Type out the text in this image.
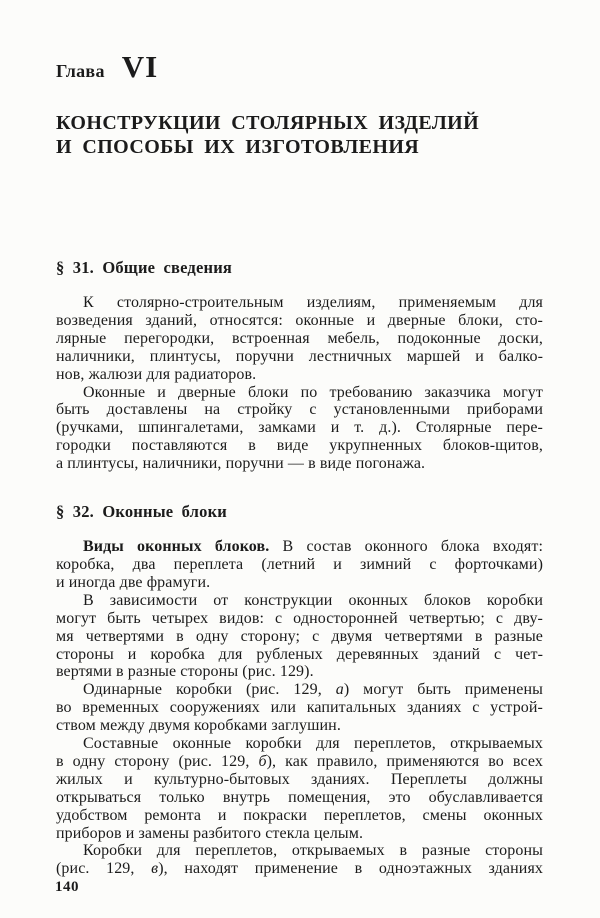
Глава VI
КОНСТРУКЦИИ СТОЛЯРНЫХ ИЗДЕЛИЙ
И СПОСОБЫ ИХ ИЗГОТОВЛЕНИЯ
§ 31. Общие сведения
К столярно-строительным изделиям, применяемым для
возведения зданий, относятся: оконные и дверные блоки, сто-
лярные перегородки, встроенная мебель, подоконные доски,
наличники, плинтусы, поручни лестничных маршей и балко-
нов, жалюзи для радиаторов.
Оконные и дверные блоки по требованию заказчика могут
быть доставлены на стройку с установленными приборами
(ручками, шпингалетами, замками и т. д.). Столярные пере-
городки поставляются в виде укрупненных блоков-щитов,
а плинтусы, наличники, поручни — в виде погонажа.
§ 32. Оконные блоки
Виды оконных блоков. В состав оконного блока входят:
коробка, два переплета (летний и зимний с форточками)
и иногда две фрамуги.
В зависимости от конструкции оконных блоков коробки
могут быть четырех видов: с односторонней четвертью; с дву-
мя четвертями в одну сторону; с двумя четвертями в разные
стороны и коробка для рубленых деревянных зданий с чет-
вертями в разные стороны (рис. 129).
Одинарные коробки (рис. 129, а) могут быть применены
во временных сооружениях или капитальных зданиях с устрой-
ством между двумя коробками заглушин.
Составные оконные коробки для переплетов, открываемых
в одну сторону (рис. 129, б), как правило, применяются во всех
жилых и культурно-бытовых зданиях. Переплеты должны
открываться только внутрь помещения, это обуславливается
удобством ремонта и покраски переплетов, смены оконных
приборов и замены разбитого стекла целым.
Коробки для переплетов, открываемых в разные стороны
(рис. 129, в), находят применение в одноэтажных зданиях
140
